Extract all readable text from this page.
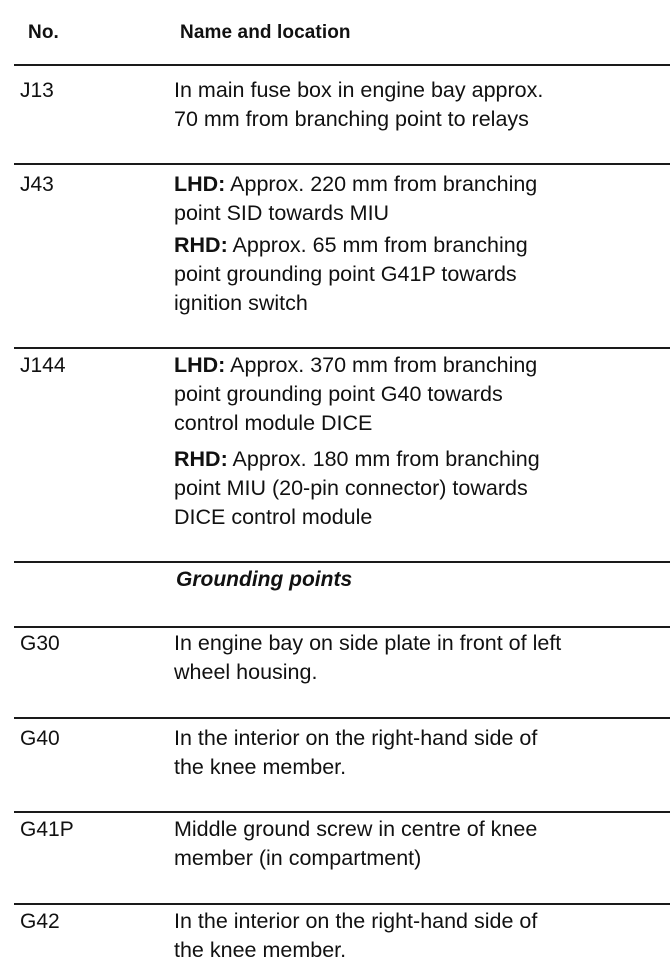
No.	Name and location
J13	In main fuse box in engine bay approx.
70 mm from branching point to relays
J43	LHD: Approx. 220 mm from branching
point SID towards MIU
RHD: Approx. 65 mm from branching
point grounding point G41P towards
ignition switch
J144	LHD: Approx. 370 mm from branching
point grounding point G40 towards
control module DICE
RHD: Approx. 180 mm from branching
point MIU (20-pin connector) towards
DICE control module
Grounding points
G30	In engine bay on side plate in front of left
wheel housing.
G40	In the interior on the right-hand side of
the knee member.
G41P	Middle ground screw in centre of knee
member (in compartment)
G42	In the interior on the right-hand side of
the knee member.
